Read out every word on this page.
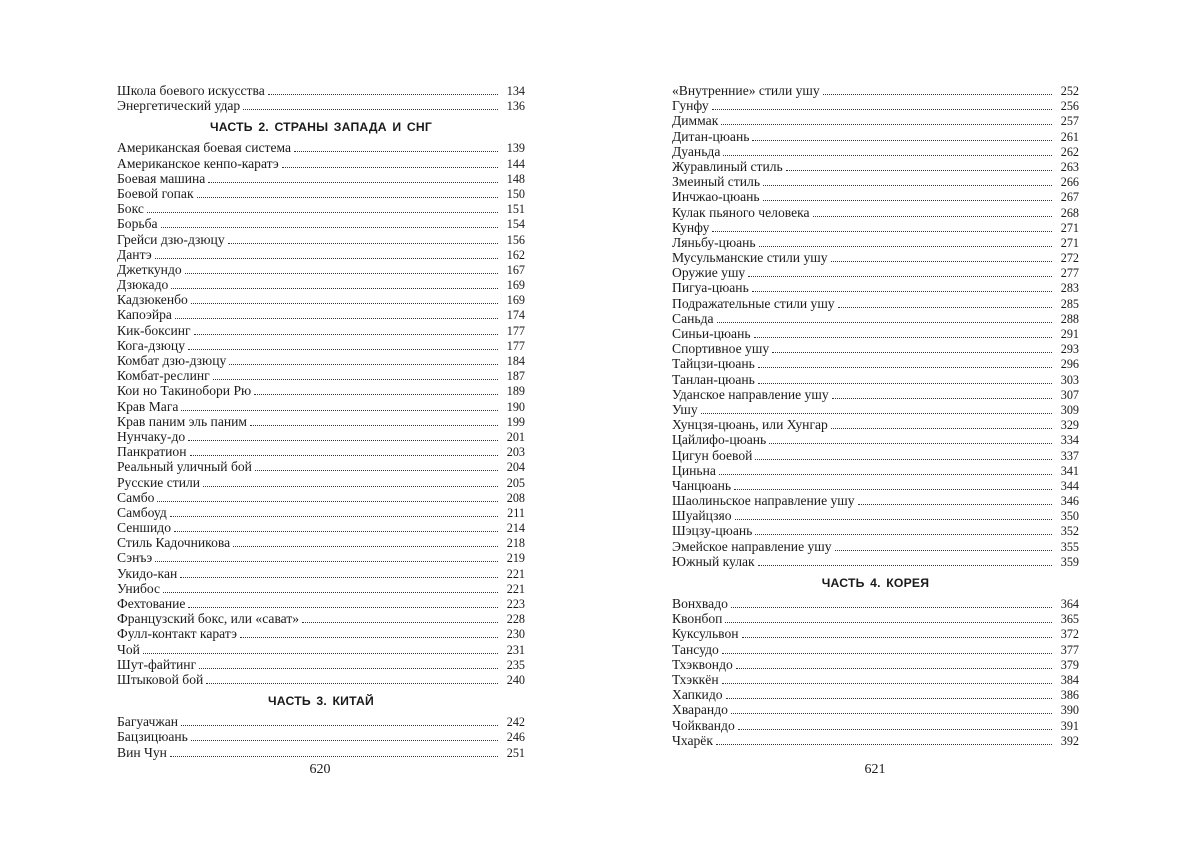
Школа боевого искусства	134
Энергетический удар	136
ЧАСТЬ 2. СТРАНЫ ЗАПАДА И СНГ
Американская боевая система	139
Американское кенпо-каратэ	144
Боевая машина	148
Боевой гопак	150
Бокс	151
Борьба	154
Грейси дзю-дзюцу	156
Дантэ	162
Джеткундо	167
Дзюкадо	169
Кадзюкенбо	169
Капоэйра	174
Кик-боксинг	177
Кога-дзюцу	177
Комбат дзю-дзюцу	184
Комбат-реслинг	187
Кои но Такинобори Рю	189
Крав Мага	190
Крав паним эль паним	199
Нунчаку-до	201
Панкратион	203
Реальный уличный бой	204
Русские стили	205
Самбо	208
Самбоуд	211
Сеншидо	214
Стиль Кадочникова	218
Сэнъэ	219
Укидо-кан	221
Унибос	221
Фехтование	223
Французский бокс, или «сават»	228
Фулл-контакт каратэ	230
Чой	231
Шут-файтинг	235
Штыковой бой	240
ЧАСТЬ 3. КИТАЙ
Багуачжан	242
Бацзицюань	246
Вин Чун	251
«Внутренние» стили ушу	252
Гунфу	256
Диммак	257
Дитан-цюань	261
Дуаньда	262
Журавлиный стиль	263
Змеиный стиль	266
Инчжао-цюань	267
Кулак пьяного человека	268
Кунфу	271
Ляньбу-цюань	271
Мусульманские стили ушу	272
Оружие ушу	277
Пигуа-цюань	283
Подражательные стили ушу	285
Саньда	288
Синьи-цюань	291
Спортивное ушу	293
Тайцзи-цюань	296
Танлан-цюань	303
Уданское направление ушу	307
Ушу	309
Хунцзя-цюань, или Хунгар	329
Цайлифо-цюань	334
Цигун боевой	337
Циньна	341
Чанцюань	344
Шаолиньское направление ушу	346
Шуайцзяо	350
Шэцзу-цюань	352
Эмейское направление ушу	355
Южный кулак	359
ЧАСТЬ 4. КОРЕЯ
Вонхвадо	364
Квонбоп	365
Куксульвон	372
Тансудо	377
Тхэквондо	379
Тхэккён	384
Хапкидо	386
Хварандо	390
Чойквандо	391
Чхарёк	392
620	621
